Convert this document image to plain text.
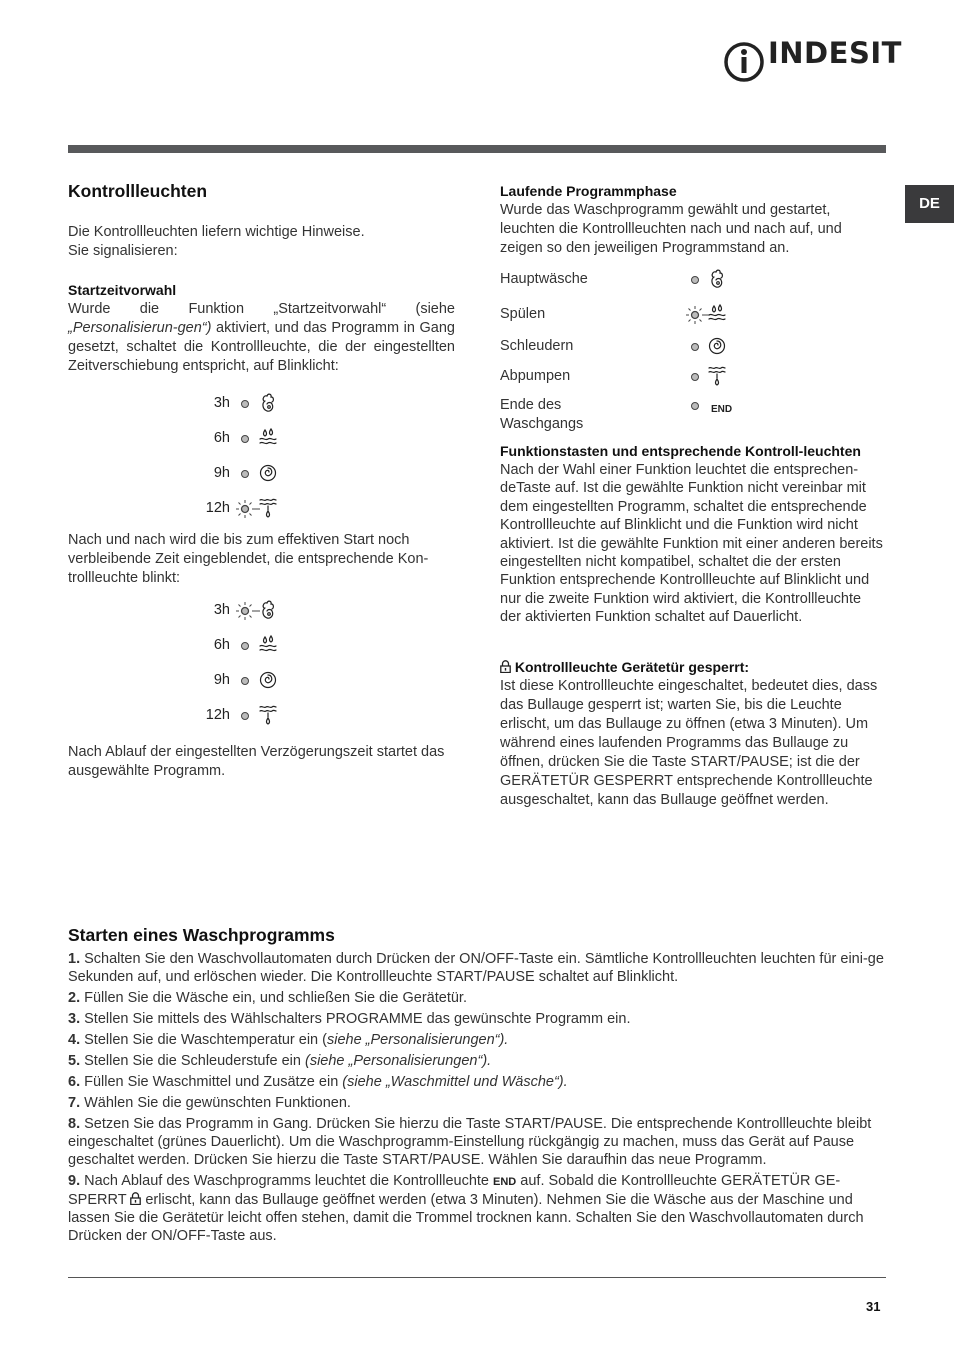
INDESIT
DE
Kontrollleuchten
Die Kontrollleuchten liefern wichtige Hinweise.
Sie signalisieren:
Startzeitvorwahl

Wurde die Funktion „Startzeitvorwahl“ (siehe „Personalisierun-gen“) aktiviert, und das Programm in Gang gesetzt, schaltet die Kontrollleuchte, die der eingestellten Zeitverschiebung entspricht, auf Blinklicht:

3h
6h
9h
12h

Nach und nach wird die bis zum effektiven Start noch verbleibende Zeit eingeblendet, die entsprechende Kon-trollleuchte blinkt:

3h
6h
9h
12h

Nach Ablauf der eingestellten Verzögerungszeit startet das ausgewählte Programm.

Laufende Programmphase

Wurde das Waschprogramm gewählt und gestartet, leuchten die Kontrollleuchten nach und nach auf, und zeigen so den jeweiligen Programmstand an.

Hauptwäsche
Spülen
Schleudern
Abpumpen
Ende des Waschgangs
END
Funktionstasten und entsprechende Kontroll-leuchten

Nach der Wahl einer Funktion leuchtet die entsprechen-deTaste auf. Ist die gewählte Funktion nicht vereinbar mit dem eingestellten Programm, schaltet die entsprechende Kontrollleuchte auf Blinklicht und die Funktion wird nicht aktiviert. Ist die gewählte Funktion mit einer anderen bereits eingestellten nicht kompatibel, schaltet die der ersten Funktion entsprechende Kontrollleuchte auf Blinklicht und nur die zweite Funktion wird aktiviert, die Kontrollleuchte der aktivierten Funktion schaltet auf Dauerlicht.

Kontrollleuchte Gerätetür gesperrt:

Ist diese Kontrollleuchte eingeschaltet, bedeutet dies, dass das Bullauge gesperrt ist; warten Sie, bis die Leuchte erlischt, um das Bullauge zu öffnen (etwa 3 Minuten). Um während eines laufenden Programms das Bullauge zu öffnen, drücken Sie die Taste START/PAUSE; ist die der GERÄTETÜR GESPERRT entsprechende Kontrollleuchte ausgeschaltet, kann das Bullauge geöffnet werden.

Starten eines Waschprogramms
1. Schalten Sie den Waschvollautomaten durch Drücken der ON/OFF-Taste ein. Sämtliche Kontrollleuchten leuchten für eini-ge Sekunden auf, und erlöschen wieder. Die Kontrollleuchte START/PAUSE schaltet auf Blinklicht.
2. Füllen Sie die Wäsche ein, und schließen Sie die Gerätetür.
3. Stellen Sie mittels des Wählschalters PROGRAMME das gewünschte Programm ein.
4. Stellen Sie die Waschtemperatur ein (siehe „Personalisierungen“).
5. Stellen Sie die Schleuderstufe ein (siehe „Personalisierungen“).
6. Füllen Sie Waschmittel und Zusätze ein (siehe „Waschmittel und Wäsche“).
7. Wählen Sie die gewünschten Funktionen.
8. Setzen Sie das Programm in Gang. Drücken Sie hierzu die Taste START/PAUSE. Die entsprechende Kontrollleuchte bleibt eingeschaltet (grünes Dauerlicht). Um die Waschprogramm-Einstellung rückgängig zu machen, muss das Gerät auf Pause geschaltet werden. Drücken Sie hierzu die Taste START/PAUSE. Wählen Sie daraufhin das neue Programm.
9. Nach Ablauf des Waschprogramms leuchtet die Kontrollleuchte END auf. Sobald die Kontrollleuchte GERÄTETÜR GE-SPERRT  erlischt, kann das Bullauge geöffnet werden (etwa 3 Minuten). Nehmen Sie die Wäsche aus der Maschine und lassen Sie die Gerätetür leicht offen stehen, damit die Trommel trocknen kann. Schalten Sie den Waschvollautomaten durch Drücken der ON/OFF-Taste aus.
31
